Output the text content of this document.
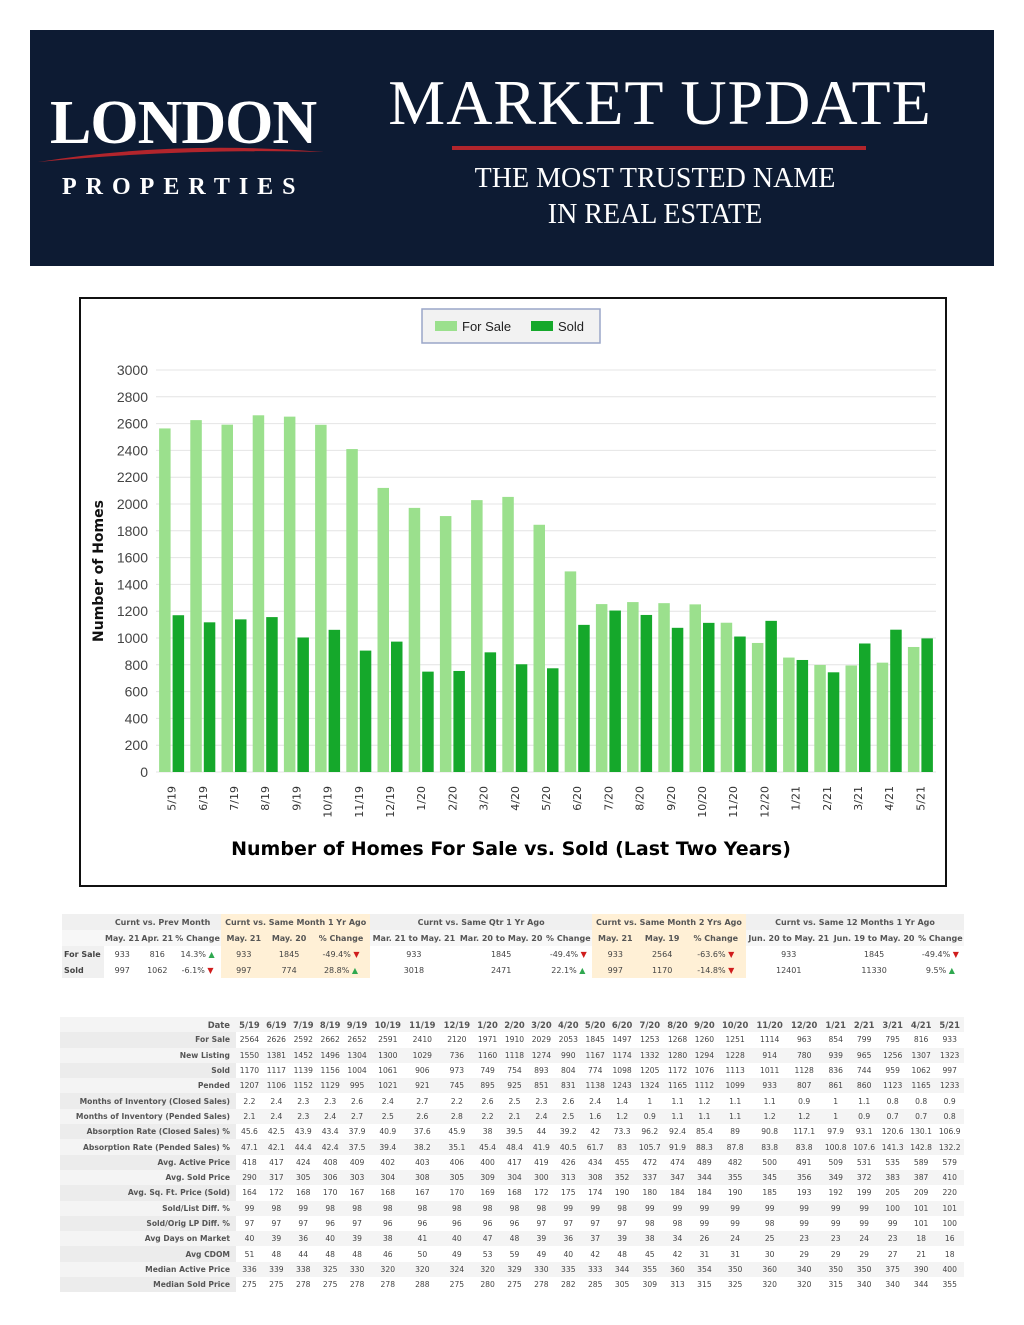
LONDON
PROPERTIES
MARKET UPDATE
THE MOST TRUSTED NAME
IN REAL ESTATE
0
200
400
600
800
1000
1200
1400
1600
1800
2000
2200
2400
2600
2800
3000
Number of Homes
5/19 6/19 7/19 8/19 9/19 10/19 11/19 12/19 1/20 2/20 3/20 4/20 5/20 6/20 7/20 8/20 9/20 10/20 11/20 12/20 1/21 2/21 3/21 4/21 5/21
For Sale	Sold
Number of Homes For Sale vs. Sold (Last Two Years)
	Curnt vs. Prev Month			Curnt vs. Same Month 1 Yr Ago			Curnt vs. Same Qtr 1 Yr Ago			Curnt vs. Same Month 2 Yrs Ago			Curnt vs. Same 12 Months 1 Yr Ago		
	May. 21	Apr. 21	% Change	May. 21	May. 20	% Change	Mar. 21 to May. 21	Mar. 20 to May. 20	% Change	May. 21	May. 19	% Change	Jun. 20 to May. 21	Jun. 19 to May. 20	% Change
For Sale	933	816	14.3% ▲	933	1845	-49.4% ▼	933	1845	-49.4% ▼	933	2564	-63.6% ▼	933	1845	-49.4% ▼
Sold	997	1062	-6.1% ▼	997	774	28.8% ▲	3018	2471	22.1% ▲	997	1170	-14.8% ▼	12401	11330	9.5% ▲
Date	5/19	6/19	7/19	8/19	9/19	10/19	11/19	12/19	1/20	2/20	3/20	4/20	5/20	6/20	7/20	8/20	9/20	10/20	11/20	12/20	1/21	2/21	3/21	4/21	5/21
For Sale	2564	2626	2592	2662	2652	2591	2410	2120	1971	1910	2029	2053	1845	1497	1253	1268	1260	1251	1114	963	854	799	795	816	933
New Listing	1550	1381	1452	1496	1304	1300	1029	736	1160	1118	1274	990	1167	1174	1332	1280	1294	1228	914	780	939	965	1256	1307	1323
Sold	1170	1117	1139	1156	1004	1061	906	973	749	754	893	804	774	1098	1205	1172	1076	1113	1011	1128	836	744	959	1062	997
Pended	1207	1106	1152	1129	995	1021	921	745	895	925	851	831	1138	1243	1324	1165	1112	1099	933	807	861	860	1123	1165	1233
Months of Inventory (Closed Sales)	2.2	2.4	2.3	2.3	2.6	2.4	2.7	2.2	2.6	2.5	2.3	2.6	2.4	1.4	1	1.1	1.2	1.1	1.1	0.9	1	1.1	0.8	0.8	0.9
Months of Inventory (Pended Sales)	2.1	2.4	2.3	2.4	2.7	2.5	2.6	2.8	2.2	2.1	2.4	2.5	1.6	1.2	0.9	1.1	1.1	1.1	1.2	1.2	1	0.9	0.7	0.7	0.8
Absorption Rate (Closed Sales) %	45.6	42.5	43.9	43.4	37.9	40.9	37.6	45.9	38	39.5	44	39.2	42	73.3	96.2	92.4	85.4	89	90.8	117.1	97.9	93.1	120.6	130.1	106.9
Absorption Rate (Pended Sales) %	47.1	42.1	44.4	42.4	37.5	39.4	38.2	35.1	45.4	48.4	41.9	40.5	61.7	83	105.7	91.9	88.3	87.8	83.8	83.8	100.8	107.6	141.3	142.8	132.2
Avg. Active Price	418	417	424	408	409	402	403	406	400	417	419	426	434	455	472	474	489	482	500	491	509	531	535	589	579
Avg. Sold Price	290	317	305	306	303	304	308	305	309	304	300	313	308	352	337	347	344	355	345	356	349	372	383	387	410
Avg. Sq. Ft. Price (Sold)	164	172	168	170	167	168	167	170	169	168	172	175	174	190	180	184	184	190	185	193	192	199	205	209	220
Sold/List Diff. %	99	98	99	98	98	98	98	98	98	98	98	99	99	98	99	99	99	99	99	99	99	99	100	101	101
Sold/Orig LP Diff. %	97	97	97	96	97	96	96	96	96	96	97	97	97	97	98	98	99	99	98	99	99	99	99	101	100
Avg Days on Market	40	39	36	40	39	38	41	40	47	48	39	36	37	39	38	34	26	24	25	23	23	24	23	18	16
Avg CDOM	51	48	44	48	48	46	50	49	53	59	49	40	42	48	45	42	31	31	30	29	29	29	27	21	18
Median Active Price	336	339	338	325	330	320	320	324	320	329	330	335	333	344	355	360	354	350	360	340	350	350	375	390	400
Median Sold Price	275	275	278	275	278	278	288	275	280	275	278	282	285	305	309	313	315	325	320	320	315	340	340	344	355
